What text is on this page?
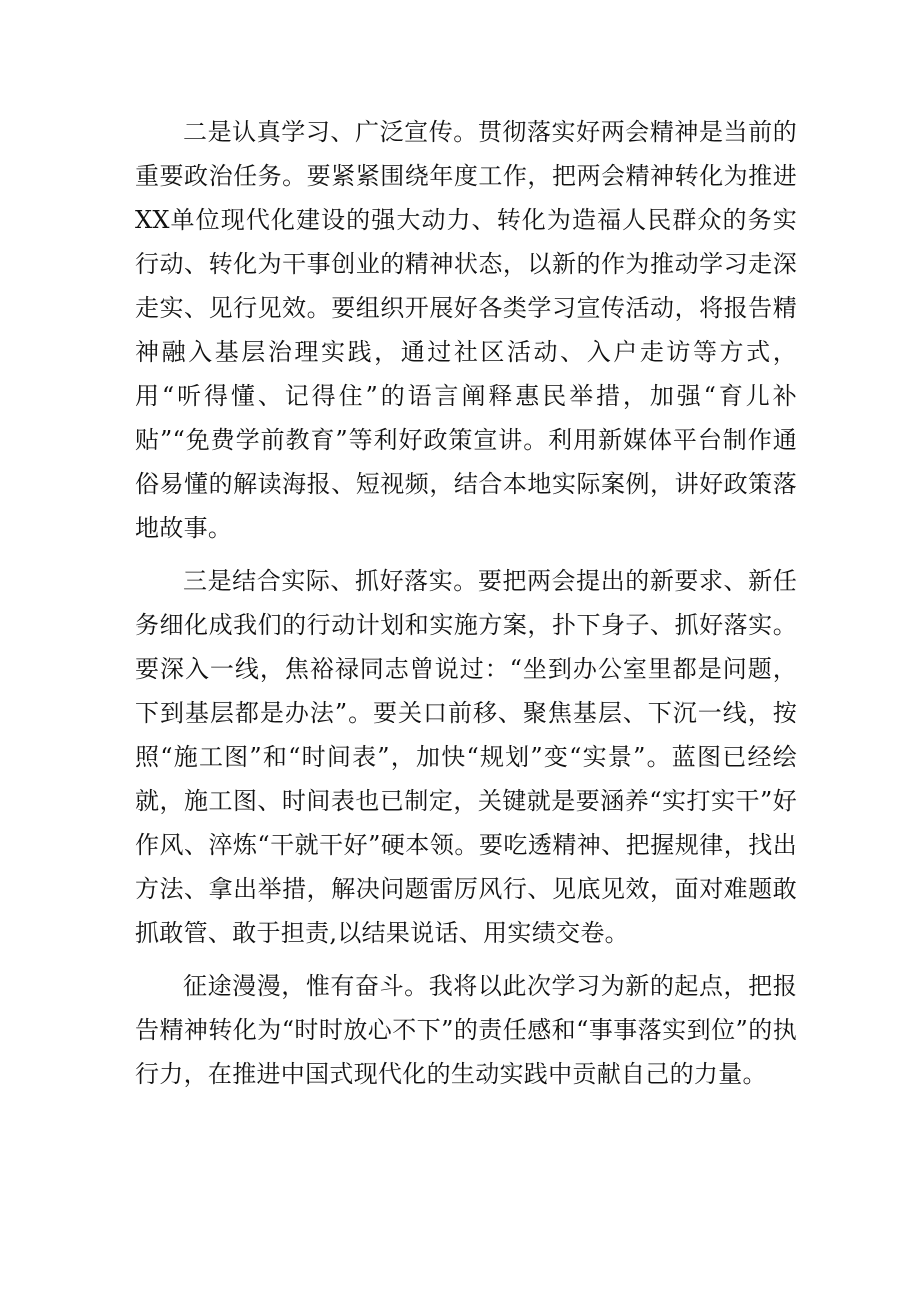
二是认真学习、广泛宣传。贯彻落实好两会精神是当前的重要政治任务。要紧紧围绕年度工作，把两会精神转化为推进XX单位现代化建设的强大动力、转化为造福人民群众的务实行动、转化为干事创业的精神状态，以新的作为推动学习走深走实、见行见效。要组织开展好各类学习宣传活动，将报告精神融入基层治理实践，通过社区活动、入户走访等方式，用“听得懂、记得住”的语言阐释惠民举措，加强“育儿补贴”“免费学前教育”等利好政策宣讲。利用新媒体平台制作通俗易懂的解读海报、短视频，结合本地实际案例，讲好政策落地故事。

三是结合实际、抓好落实。要把两会提出的新要求、新任务细化成我们的行动计划和实施方案，扑下身子、抓好落实。要深入一线，焦裕禄同志曾说过：“坐到办公室里都是问题，下到基层都是办法”。要关口前移、聚焦基层、下沉一线，按照“施工图”和“时间表”，加快“规划”变“实景”。蓝图已经绘就，施工图、时间表也已制定，关键就是要涵养“实打实干”好作风、淬炼“干就干好”硬本领。要吃透精神、把握规律，找出方法、拿出举措，解决问题雷厉风行、见底见效，面对难题敢抓敢管、敢于担责,以结果说话、用实绩交卷。

征途漫漫，惟有奋斗。我将以此次学习为新的起点，把报告精神转化为“时时放心不下”的责任感和“事事落实到位”的执行力，在推进中国式现代化的生动实践中贡献自己的力量。
